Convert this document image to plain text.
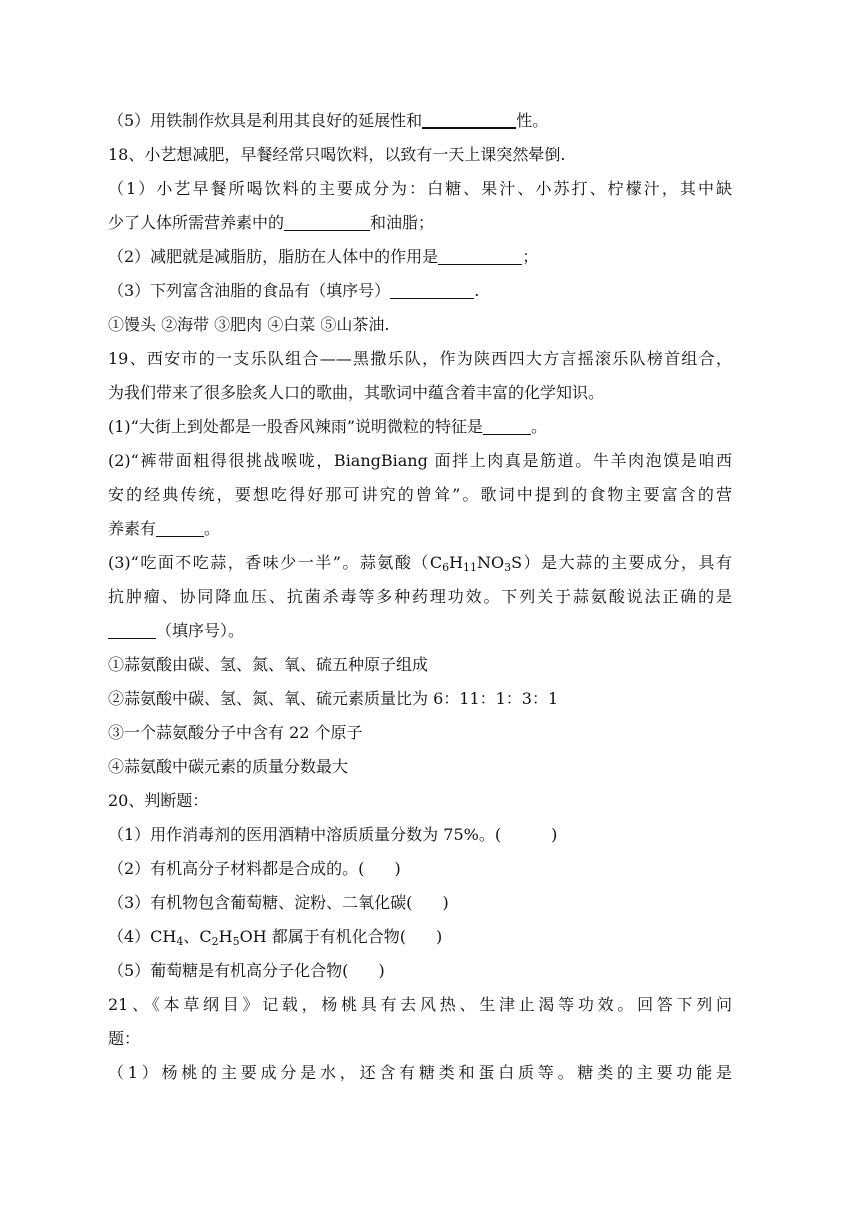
（5）用铁制作炊具是利用其良好的延展性和	性。
18、小艺想减肥，早餐经常只喝饮料，以致有一天上课突然晕倒.
（1）小艺早餐所喝饮料的主要成分为：白糖、果汁、小苏打、柠檬汁，其中缺
少了人体所需营养素中的	和油脂；
（2）减肥就是减脂肪，脂肪在人体中的作用是	；
（3）下列富含油脂的食品有（填序号）	.
①馒头 ②海带 ③肥肉 ④白菜 ⑤山茶油.
19、西安市的一支乐队组合——黑撒乐队，作为陕西四大方言摇滚乐队榜首组合，
为我们带来了很多脍炙人口的歌曲，其歌词中蕴含着丰富的化学知识。
(1)“大街上到处都是一股香风辣雨”说明微粒的特征是	。
(2)“裤带面粗得很挑战喉咙，BiangBiang 面拌上肉真是筋道。牛羊肉泡馍是咱西
安的经典传统，要想吃得好那可讲究的曾耸”。歌词中提到的食物主要富含的营
养素有	。
(3)“吃面不吃蒜，香味少一半”。蒜氨酸$(C_6H_{11}NO_3S)$是大蒜的主要成分，具有
抗肿瘤、协同降血压、抗菌杀毒等多种药理功效。下列关于蒜氨酸说法正确的是
（填序号）。
①蒜氨酸由碳、氢、氮、氧、硫五种原子组成
②蒜氨酸中碳、氢、氮、氧、硫元素质量比为 6：11：1：3：1
③一个蒜氨酸分子中含有 22 个原子
④蒜氨酸中碳元素的质量分数最大
20、判断题：
（1）用作消毒剂的医用酒精中溶质质量分数为 75%。(	)
（2）有机高分子材料都是合成的。( )
（3）有机物包含葡萄糖、淀粉、二氧化碳( )
$(4)CH_4$、$C_2H_5OH$ 都属于有机化合物( )
（5）葡萄糖是有机高分子化合物( )
21、《本草纲目》记载，杨桃具有去风热、生津止渴等功效。回答下列问
题：
（1）杨桃的主要成分是水，还含有糖类和蛋白质等。糖类的主要功能是
